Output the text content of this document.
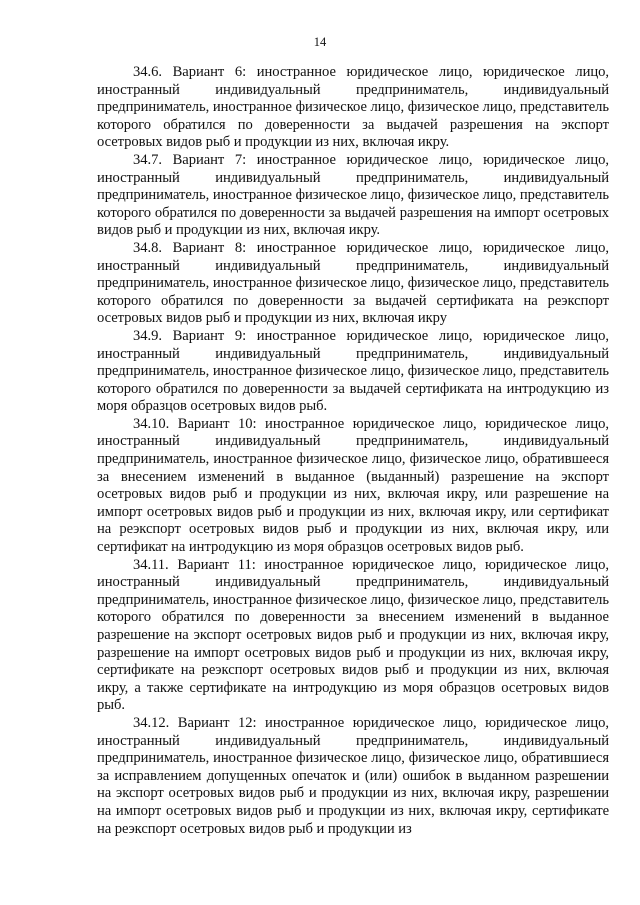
14

34.6. Вариант 6: иностранное юридическое лицо, юридическое лицо, иностранный индивидуальный предприниматель, индивидуальный предприниматель, иностранное физическое лицо, физическое лицо, представитель которого обратился по доверенности за выдачей разрешения на экспорт осетровых видов рыб и продукции из них, включая икру.

34.7. Вариант 7: иностранное юридическое лицо, юридическое лицо, иностранный индивидуальный предприниматель, индивидуальный предприниматель, иностранное физическое лицо, физическое лицо, представитель которого обратился по доверенности за выдачей разрешения на импорт осетровых видов рыб и продукции из них, включая икру.

34.8. Вариант 8: иностранное юридическое лицо, юридическое лицо, иностранный индивидуальный предприниматель, индивидуальный предприниматель, иностранное физическое лицо, физическое лицо, представитель которого обратился по доверенности за выдачей сертификата на реэкспорт осетровых видов рыб и продукции из них, включая икру

34.9. Вариант 9: иностранное юридическое лицо, юридическое лицо, иностранный индивидуальный предприниматель, индивидуальный предприниматель, иностранное физическое лицо, физическое лицо, представитель которого обратился по доверенности за выдачей сертификата на интродукцию из моря образцов осетровых видов рыб.

34.10. Вариант 10: иностранное юридическое лицо, юридическое лицо, иностранный индивидуальный предприниматель, индивидуальный предприниматель, иностранное физическое лицо, физическое лицо, обратившееся за внесением изменений в выданное (выданный) разрешение на экспорт осетровых видов рыб и продукции из них, включая икру, или разрешение на импорт осетровых видов рыб и продукции из них, включая икру, или сертификат на реэкспорт осетровых видов рыб и продукции из них, включая икру, или сертификат на интродукцию из моря образцов осетровых видов рыб.

34.11. Вариант 11: иностранное юридическое лицо, юридическое лицо, иностранный индивидуальный предприниматель, индивидуальный предприниматель, иностранное физическое лицо, физическое лицо, представитель которого обратился по доверенности за внесением изменений в выданное разрешение на экспорт осетровых видов рыб и продукции из них, включая икру, разрешение на импорт осетровых видов рыб и продукции из них, включая икру, сертификате на реэкспорт осетровых видов рыб и продукции из них, включая икру, а также сертификате на интродукцию из моря образцов осетровых видов рыб.

34.12. Вариант 12: иностранное юридическое лицо, юридическое лицо, иностранный индивидуальный предприниматель, индивидуальный предприниматель, иностранное физическое лицо, физическое лицо, обратившиеся за исправлением допущенных опечаток и (или) ошибок в выданном разрешении на экспорт осетровых видов рыб и продукции из них, включая икру, разрешении на импорт осетровых видов рыб и продукции из них, включая икру, сертификате на реэкспорт осетровых видов рыб и продукции из
